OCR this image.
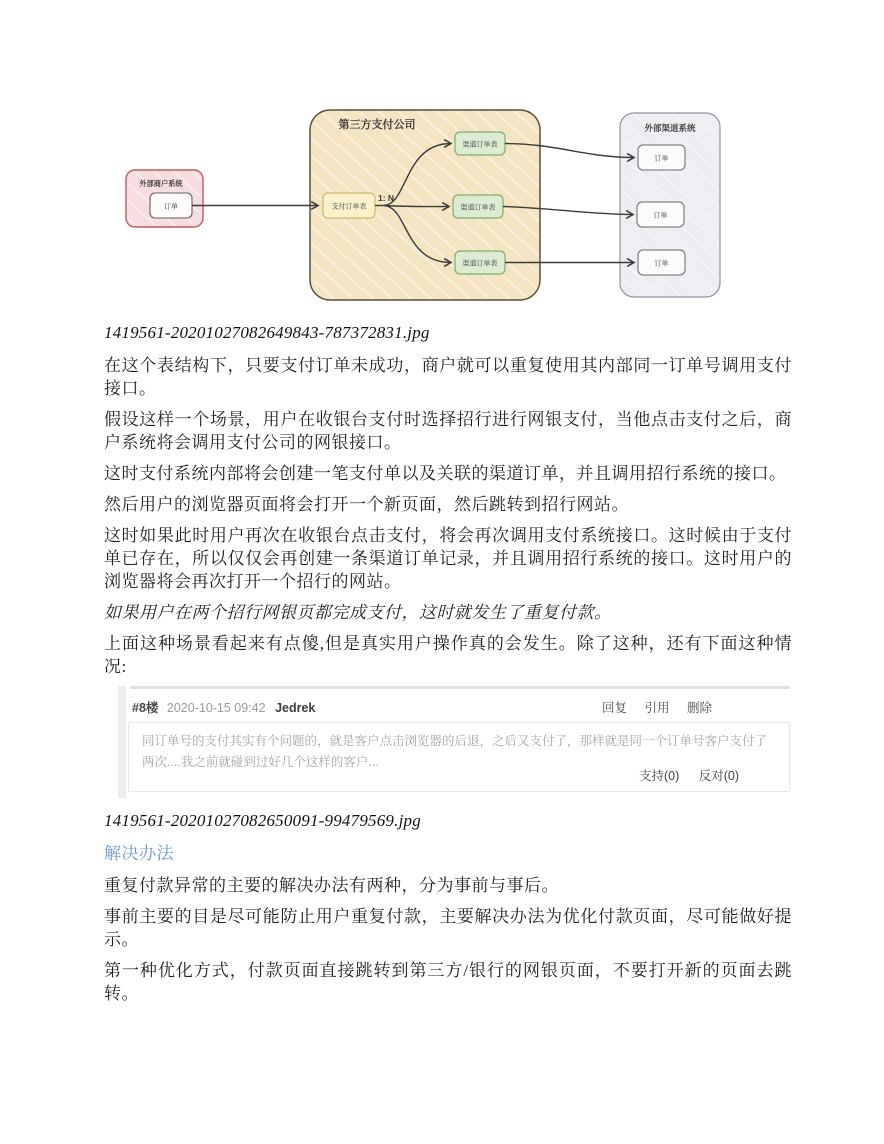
第三方支付公司	外部渠道系统
外部商户系统
订单	支付订单表
1: N
渠道订单表
渠道订单表
渠道订单表
订单
订单
订单

1419561-20201027082649843-787372831.jpg

在这个表结构下，只要支付订单未成功，商户就可以重复使用其内部同一订单号调用支付接口。

假设这样一个场景，用户在收银台支付时选择招行进行网银支付，当他点击支付之后，商户系统将会调用支付公司的网银接口。

这时支付系统内部将会创建一笔支付单以及关联的渠道订单，并且调用招行系统的接口。

然后用户的浏览器页面将会打开一个新页面，然后跳转到招行网站。

这时如果此时用户再次在收银台点击支付，将会再次调用支付系统接口。这时候由于支付单已存在，所以仅仅会再创建一条渠道订单记录，并且调用招行系统的接口。这时用户的浏览器将会再次打开一个招行的网站。

如果用户在两个招行网银页都完成支付，这时就发生了重复付款。

上面这种场景看起来有点傻,但是真实用户操作真的会发生。除了这种，还有下面这种情况:

#8楼 2020-10-15 09:42 Jedrek	回复 引用 删除
同订单号的支付其实有个问题的，就是客户点击浏览器的后退，之后又支付了，那样就是同一个订单号客户支付了两次....我之前就碰到过好几个这样的客户...
支持(0) 反对(0)

1419561-20201027082650091-99479569.jpg

解决办法

重复付款异常的主要的解决办法有两种，分为事前与事后。

事前主要的目是尽可能防止用户重复付款，主要解决办法为优化付款页面，尽可能做好提示。

第一种优化方式，付款页面直接跳转到第三方/银行的网银页面，不要打开新的页面去跳转。
